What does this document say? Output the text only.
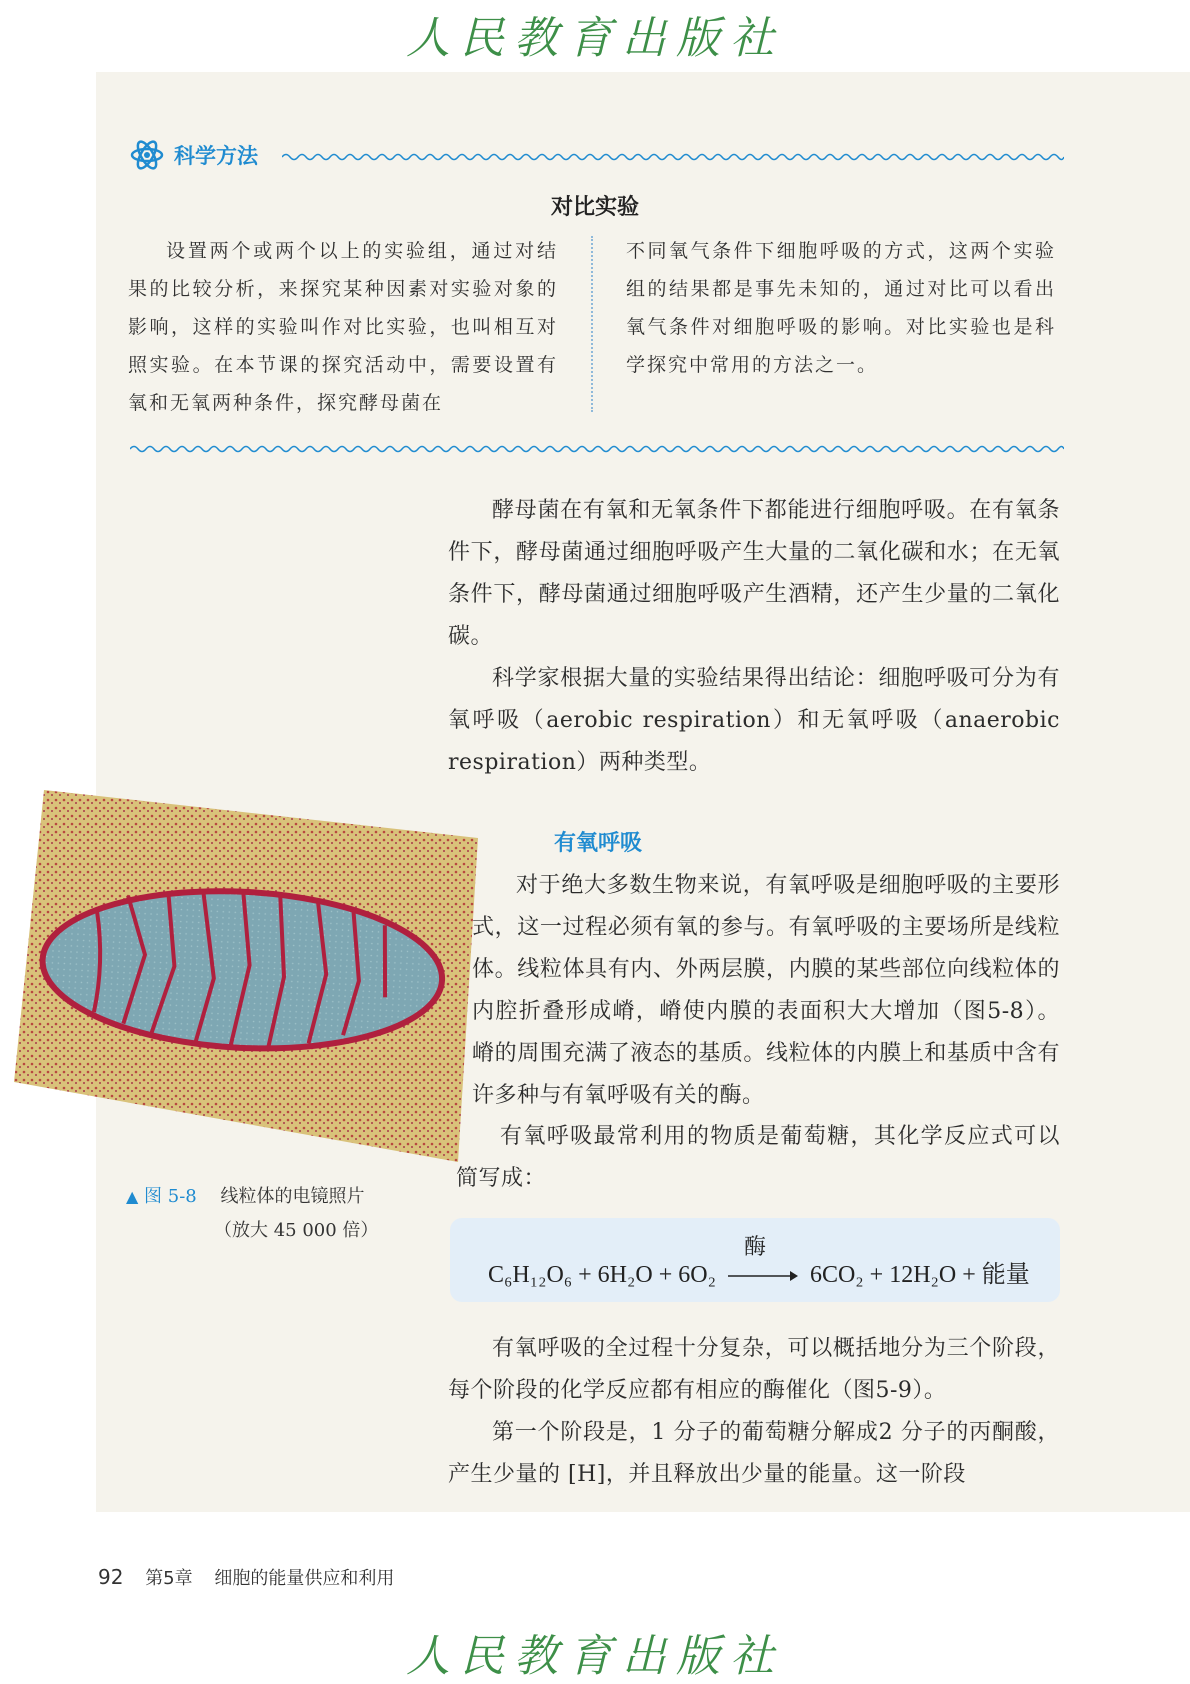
人民教育出版社
科学方法
对比实验
设置两个或两个以上的实验组，通过对结果的比较分析，来探究某种因素对实验对象的影响，这样的实验叫作对比实验，也叫相互对照实验。在本节课的探究活动中，需要设置有氧和无氧两种条件，探究酵母菌在
不同氧气条件下细胞呼吸的方式，这两个实验组的结果都是事先未知的，通过对比可以看出氧气条件对细胞呼吸的影响。对比实验也是科学探究中常用的方法之一。
酵母菌在有氧和无氧条件下都能进行细胞呼吸。在有氧条件下，酵母菌通过细胞呼吸产生大量的二氧化碳和水；在无氧条件下，酵母菌通过细胞呼吸产生酒精，还产生少量的二氧化碳。
科学家根据大量的实验结果得出结论：细胞呼吸可分为有氧呼吸（aerobic respiration）和无氧呼吸（anaerobic respiration）两种类型。
▲ 图 5-8 线粒体的电镜照片
（放大 45 000 倍）
有氧呼吸
对于绝大多数生物来说，有氧呼吸是细胞呼吸的主要形式，这一过程必须有氧的参与。有氧呼吸的主要场所是线粒体。线粒体具有内、外两层膜，内膜的某些部位向线粒体的内腔折叠形成嵴，嵴使内膜的表面积大大增加（图5-8）。嵴的周围充满了液态的基质。线粒体的内膜上和基质中含有许多种与有氧呼吸有关的酶。
有氧呼吸最常利用的物质是葡萄糖，其化学反应式可以简写成：
C₆H₁₂O₆ + 6H₂O + 6O₂
酶
6CO₂ + 12H₂O + 能量
有氧呼吸的全过程十分复杂，可以概括地分为三个阶段，每个阶段的化学反应都有相应的酶催化（图5-9）。
第一个阶段是，1 分子的葡萄糖分解成2 分子的丙酮酸，产生少量的 [H]，并且释放出少量的能量。这一阶段
92 第5章 细胞的能量供应和利用
人民教育出版社
